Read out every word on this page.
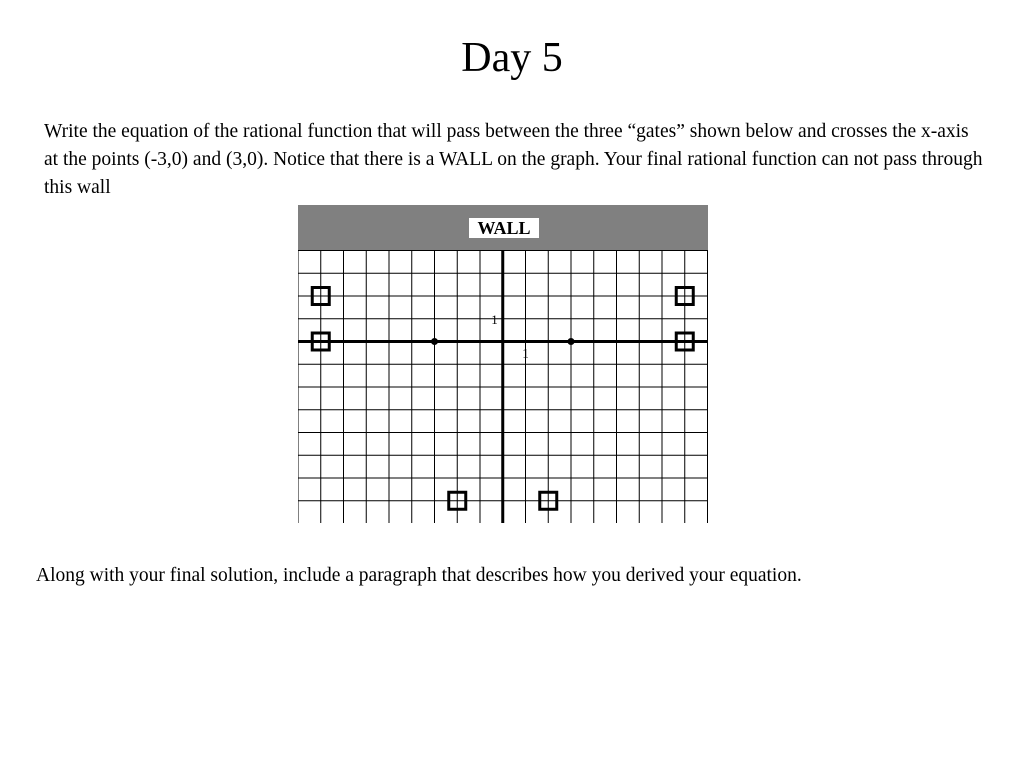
Day 5

Write the equation of the rational function that will pass between the three “gates” shown below and crosses the x-axis at the points (-3,0) and (3,0). Notice that there is a WALL on the graph. Your final rational function can not pass through this wall

WALL
1
1

Along with your final solution, include a paragraph that describes how you derived your equation.
